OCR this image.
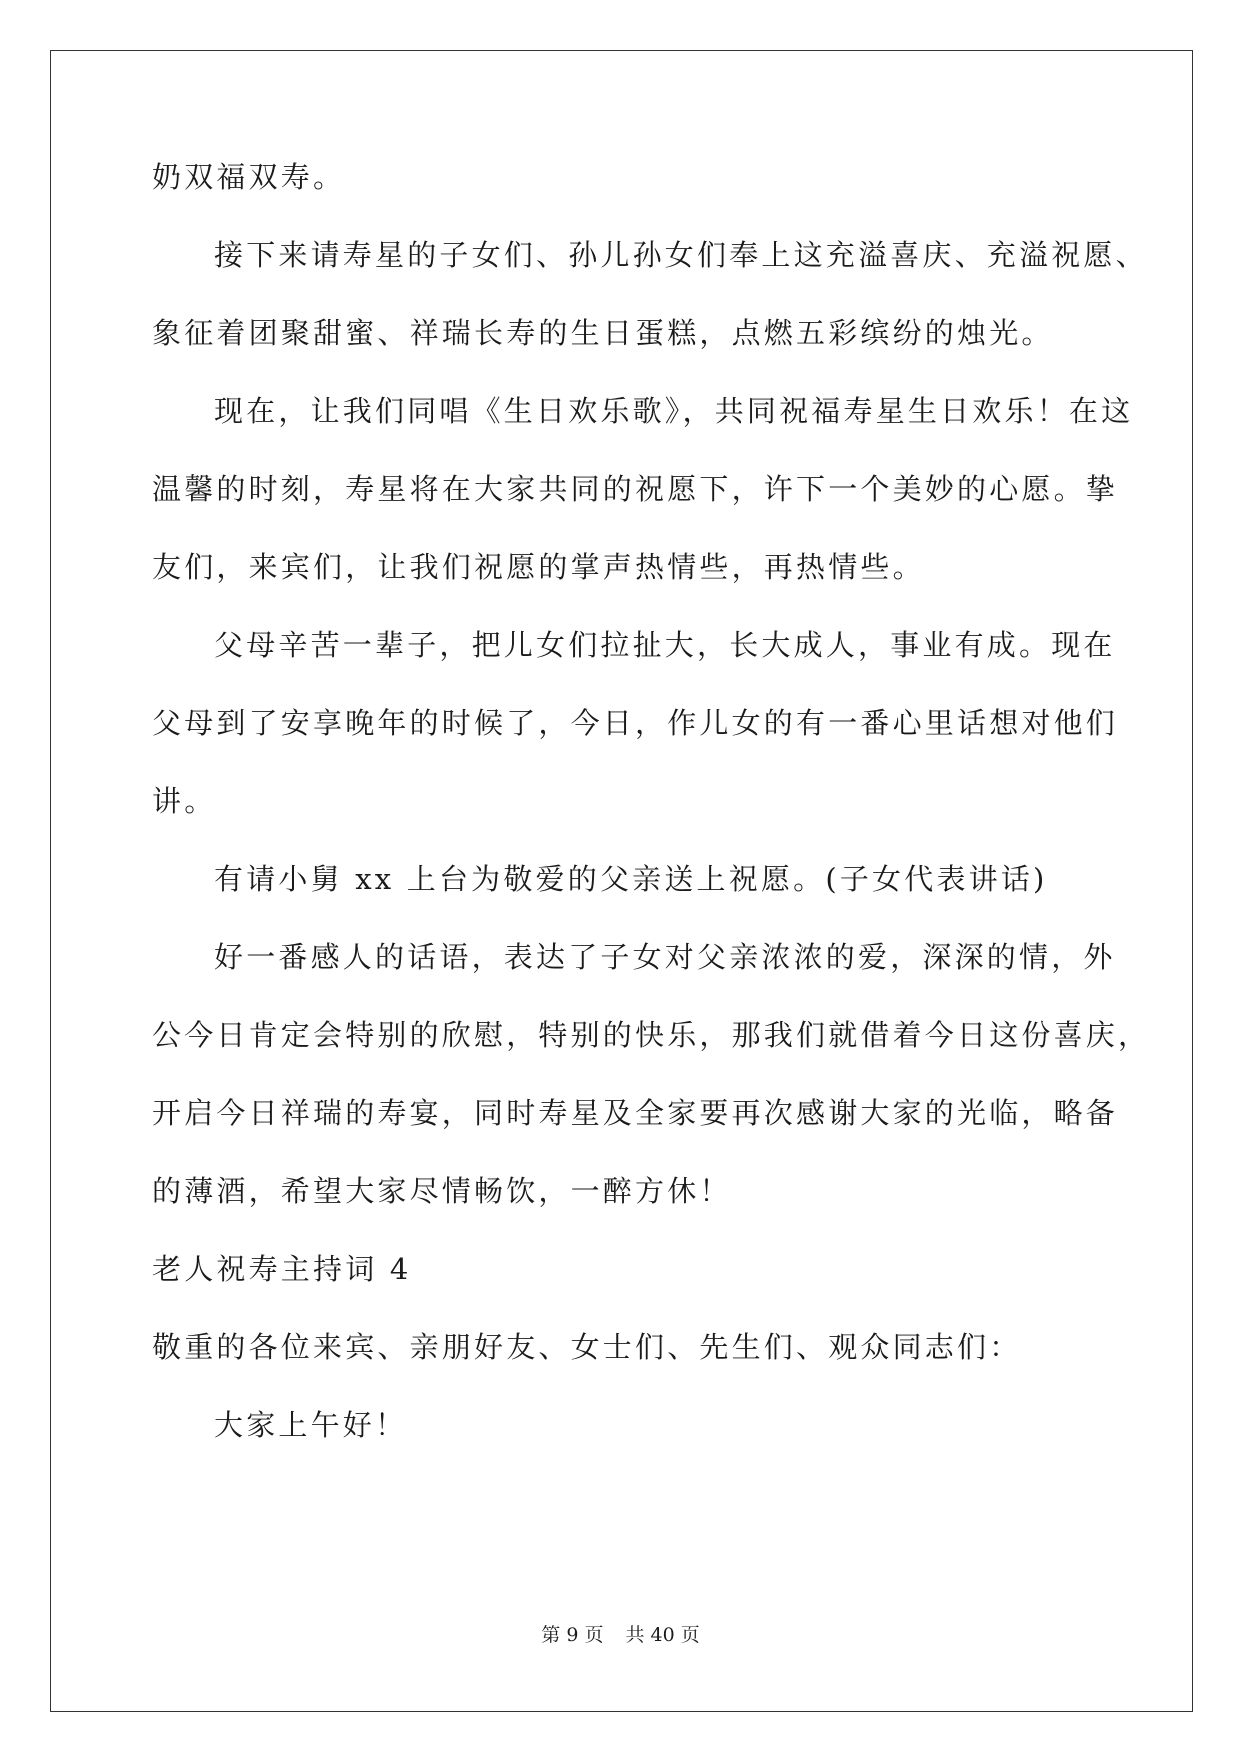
奶双福双寿。
接下来请寿星的子女们、孙儿孙女们奉上这充溢喜庆、充溢祝愿、
象征着团聚甜蜜、祥瑞长寿的生日蛋糕，点燃五彩缤纷的烛光。
现在，让我们同唱《生日欢乐歌》，共同祝福寿星生日欢乐！在这
温馨的时刻，寿星将在大家共同的祝愿下，许下一个美妙的心愿。挚
友们，来宾们，让我们祝愿的掌声热情些，再热情些。
父母辛苦一辈子，把儿女们拉扯大，长大成人，事业有成。现在
父母到了安享晚年的时候了，今日，作儿女的有一番心里话想对他们
讲。
有请小舅 xx 上台为敬爱的父亲送上祝愿。(子女代表讲话)
好一番感人的话语，表达了子女对父亲浓浓的爱，深深的情，外
公今日肯定会特别的欣慰，特别的快乐，那我们就借着今日这份喜庆，
开启今日祥瑞的寿宴，同时寿星及全家要再次感谢大家的光临，略备
的薄酒，希望大家尽情畅饮，一醉方休！
老人祝寿主持词 4
敬重的各位来宾、亲朋好友、女士们、先生们、观众同志们：
大家上午好！
第 9 页 共 40 页
